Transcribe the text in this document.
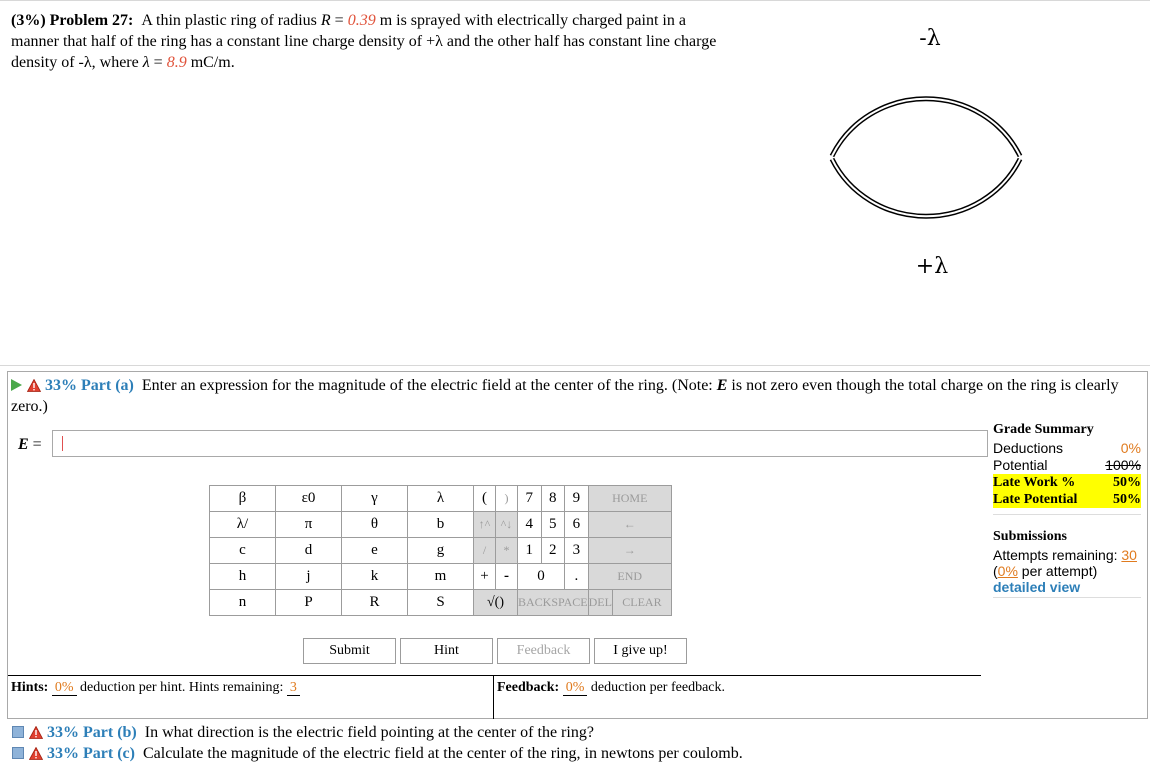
(3%) Problem 27: A thin plastic ring of radius R = 0.39 m is sprayed with electrically charged paint in a manner that half of the ring has a constant line charge density of +λ and the other half has constant line charge density of -λ, where λ = 8.9 mC/m.
-λ
+λ
33% Part (a) Enter an expression for the magnitude of the electric field at the center of the ring. (Note: E is not zero even though the total charge on the ring is clearly zero.)
E =
β	ε0	γ	λ	(	)	7	8	9	HOME	
λ/	π	θ	b	↑^	^↓	4	5	6	←	
c	d	e	g	/	*	1	2	3	→	
h	j	k	m	+	-	0		.	END	
n	P	R	S	√()		BACKSPACE			DEL	CLEAR
Submit	Hint	Feedback	I give up!
Hints: 0% deduction per hint. Hints remaining: 3	Feedback: 0% deduction per feedback.
Grade Summary
Deductions	0%
Potential	100%
Late Work %	50%
Late Potential	50%
Submissions
Attempts remaining: 30
(0% per attempt)
detailed view
33% Part (b) In what direction is the electric field pointing at the center of the ring?
33% Part (c) Calculate the magnitude of the electric field at the center of the ring, in newtons per coulomb.
